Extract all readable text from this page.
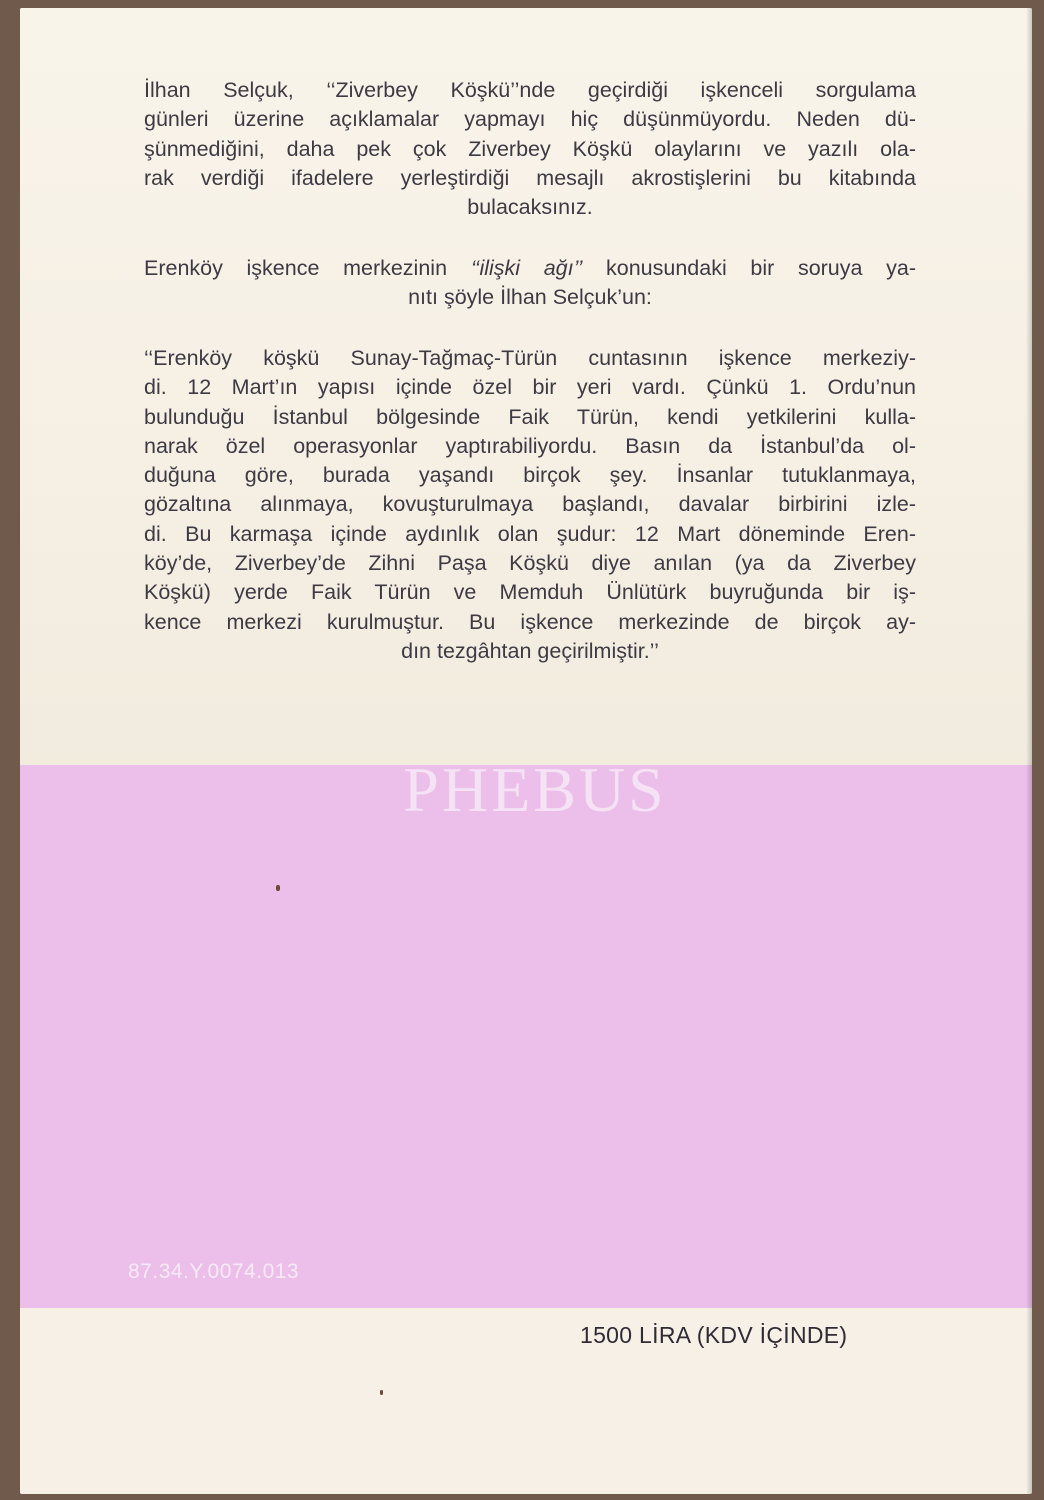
İlhan Selçuk, ‘‘Ziverbey Köşkü’’nde geçirdiği işkenceli sorgulama
günleri üzerine açıklamalar yapmayı hiç düşünmüyordu. Neden dü-
şünmediğini, daha pek çok Ziverbey Köşkü olaylarını ve yazılı ola-
rak verdiği ifadelere yerleştirdiği mesajlı akrostişlerini bu kitabında
bulacaksınız.
Erenköy işkence merkezinin ‘‘ilişki ağı’’ konusundaki bir soruya ya-
nıtı şöyle İlhan Selçuk’un:
‘‘Erenköy köşkü Sunay-Tağmaç-Türün cuntasının işkence merkeziy-
di. 12 Mart’ın yapısı içinde özel bir yeri vardı. Çünkü 1. Ordu’nun
bulunduğu İstanbul bölgesinde Faik Türün, kendi yetkilerini kulla-
narak özel operasyonlar yaptırabiliyordu. Basın da İstanbul’da ol-
duğuna göre, burada yaşandı birçok şey. İnsanlar tutuklanmaya,
gözaltına alınmaya, kovuşturulmaya başlandı, davalar birbirini izle-
di. Bu karmaşa içinde aydınlık olan şudur: 12 Mart döneminde Eren-
köy’de, Ziverbey’de Zihni Paşa Köşkü diye anılan (ya da Ziverbey
Köşkü) yerde Faik Türün ve Memduh Ünlütürk buyruğunda bir iş-
kence merkezi kurulmuştur. Bu işkence merkezinde de birçok ay-
dın tezgâhtan geçirilmiştir.’’
PHEBUS
87.34.Y.0074.013
1500 LİRA (KDV İÇİNDE)
